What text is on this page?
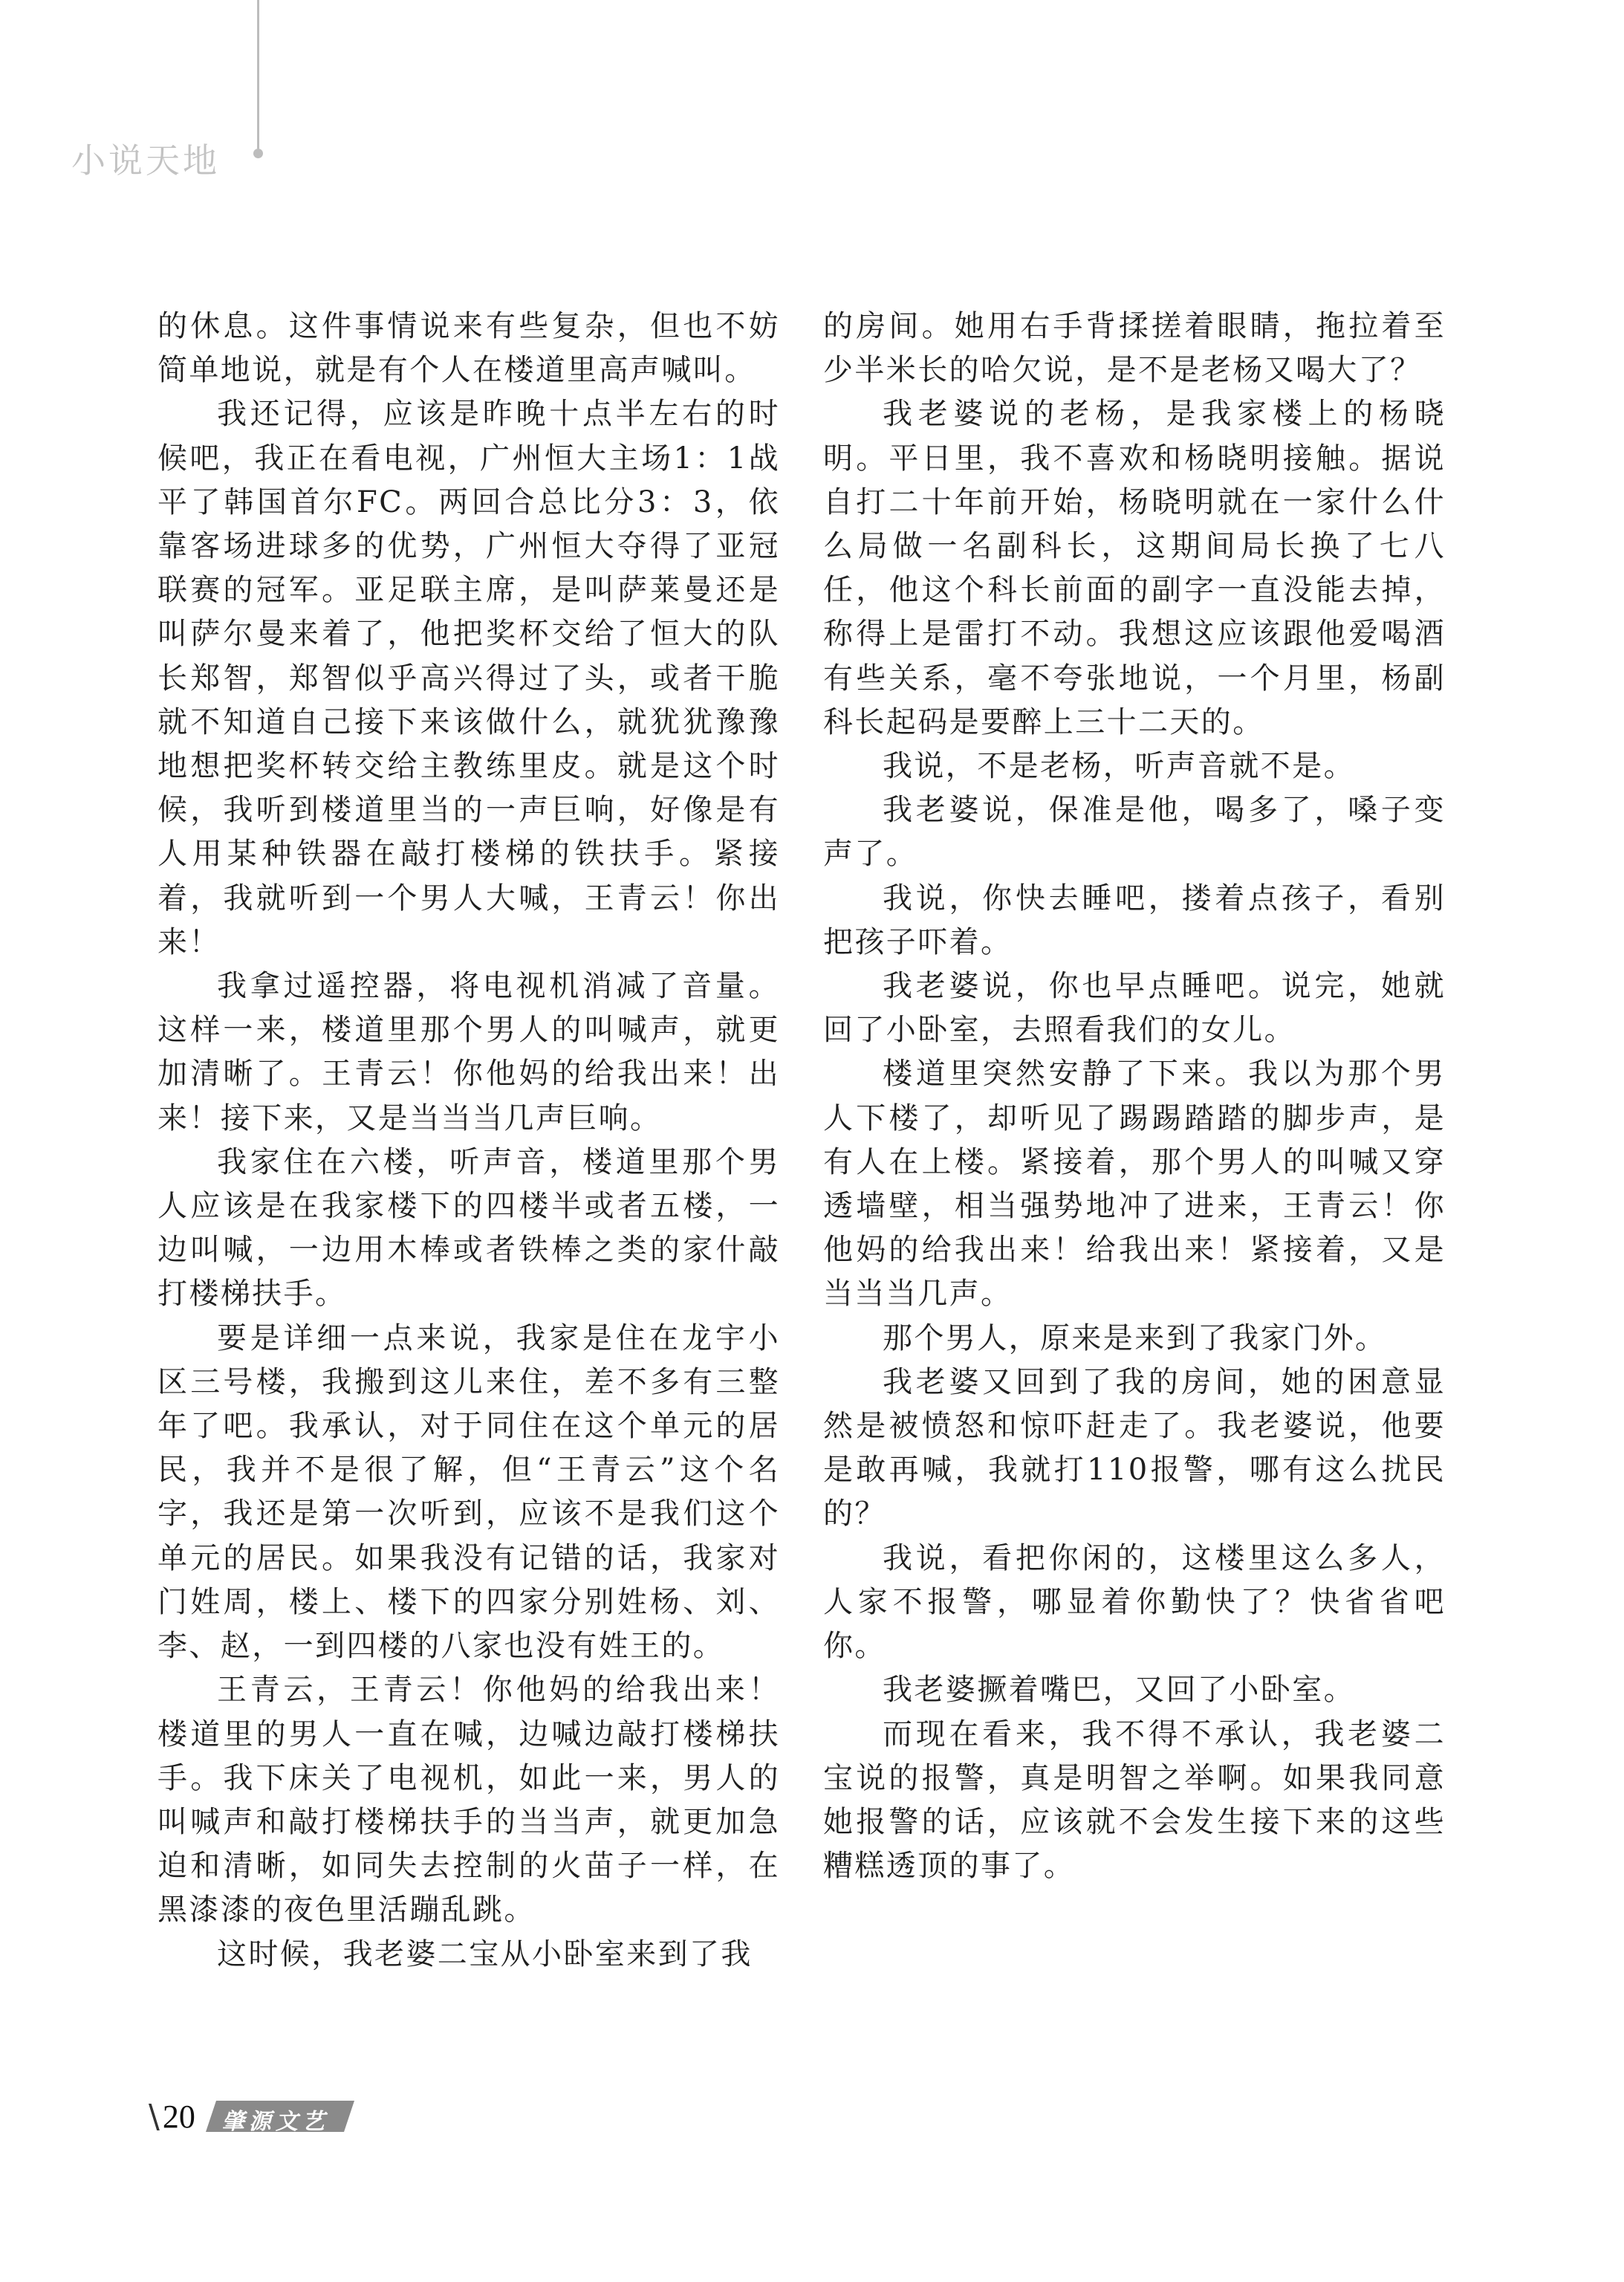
小说天地

的休息。这件事情说来有些复杂，但也不妨简单地说，就是有个人在楼道里高声喊叫。

我还记得，应该是昨晚十点半左右的时候吧，我正在看电视，广州恒大主场1：1战平了韩国首尔FC。两回合总比分3：3，依靠客场进球多的优势，广州恒大夺得了亚冠联赛的冠军。亚足联主席，是叫萨莱曼还是叫萨尔曼来着了，他把奖杯交给了恒大的队长郑智，郑智似乎高兴得过了头，或者干脆就不知道自己接下来该做什么，就犹犹豫豫地想把奖杯转交给主教练里皮。就是这个时候，我听到楼道里当的一声巨响，好像是有人用某种铁器在敲打楼梯的铁扶手。紧接着，我就听到一个男人大喊，王青云！你出来！

我拿过遥控器，将电视机消减了音量。这样一来，楼道里那个男人的叫喊声，就更加清晰了。王青云！你他妈的给我出来！出来！接下来，又是当当当几声巨响。

我家住在六楼，听声音，楼道里那个男人应该是在我家楼下的四楼半或者五楼，一边叫喊，一边用木棒或者铁棒之类的家什敲打楼梯扶手。

要是详细一点来说，我家是住在龙宇小区三号楼，我搬到这儿来住，差不多有三整年了吧。我承认，对于同住在这个单元的居民，我并不是很了解，但“王青云”这个名字，我还是第一次听到，应该不是我们这个单元的居民。如果我没有记错的话，我家对门姓周，楼上、楼下的四家分别姓杨、刘、李、赵，一到四楼的八家也没有姓王的。

王青云，王青云！你他妈的给我出来！楼道里的男人一直在喊，边喊边敲打楼梯扶手。我下床关了电视机，如此一来，男人的叫喊声和敲打楼梯扶手的当当声，就更加急迫和清晰，如同失去控制的火苗子一样，在黑漆漆的夜色里活蹦乱跳。

这时候，我老婆二宝从小卧室来到了我

的房间。她用右手背揉搓着眼睛，拖拉着至少半米长的哈欠说，是不是老杨又喝大了？

我老婆说的老杨，是我家楼上的杨晓明。平日里，我不喜欢和杨晓明接触。据说自打二十年前开始，杨晓明就在一家什么什么局做一名副科长，这期间局长换了七八任，他这个科长前面的副字一直没能去掉，称得上是雷打不动。我想这应该跟他爱喝酒有些关系，毫不夸张地说，一个月里，杨副科长起码是要醉上三十二天的。

我说，不是老杨，听声音就不是。

我老婆说，保准是他，喝多了，嗓子变声了。

我说，你快去睡吧，搂着点孩子，看别把孩子吓着。

我老婆说，你也早点睡吧。说完，她就回了小卧室，去照看我们的女儿。

楼道里突然安静了下来。我以为那个男人下楼了，却听见了踢踢踏踏的脚步声，是有人在上楼。紧接着，那个男人的叫喊又穿透墙壁，相当强势地冲了进来，王青云！你他妈的给我出来！给我出来！紧接着，又是当当当几声。

那个男人，原来是来到了我家门外。

我老婆又回到了我的房间，她的困意显然是被愤怒和惊吓赶走了。我老婆说，他要是敢再喊，我就打110报警，哪有这么扰民的？

我说，看把你闲的，这楼里这么多人，人家不报警，哪显着你勤快了？快省省吧你。

我老婆撅着嘴巴，又回了小卧室。

而现在看来，我不得不承认，我老婆二宝说的报警，真是明智之举啊。如果我同意她报警的话，应该就不会发生接下来的这些糟糕透顶的事了。

\ 20 肇源文艺
